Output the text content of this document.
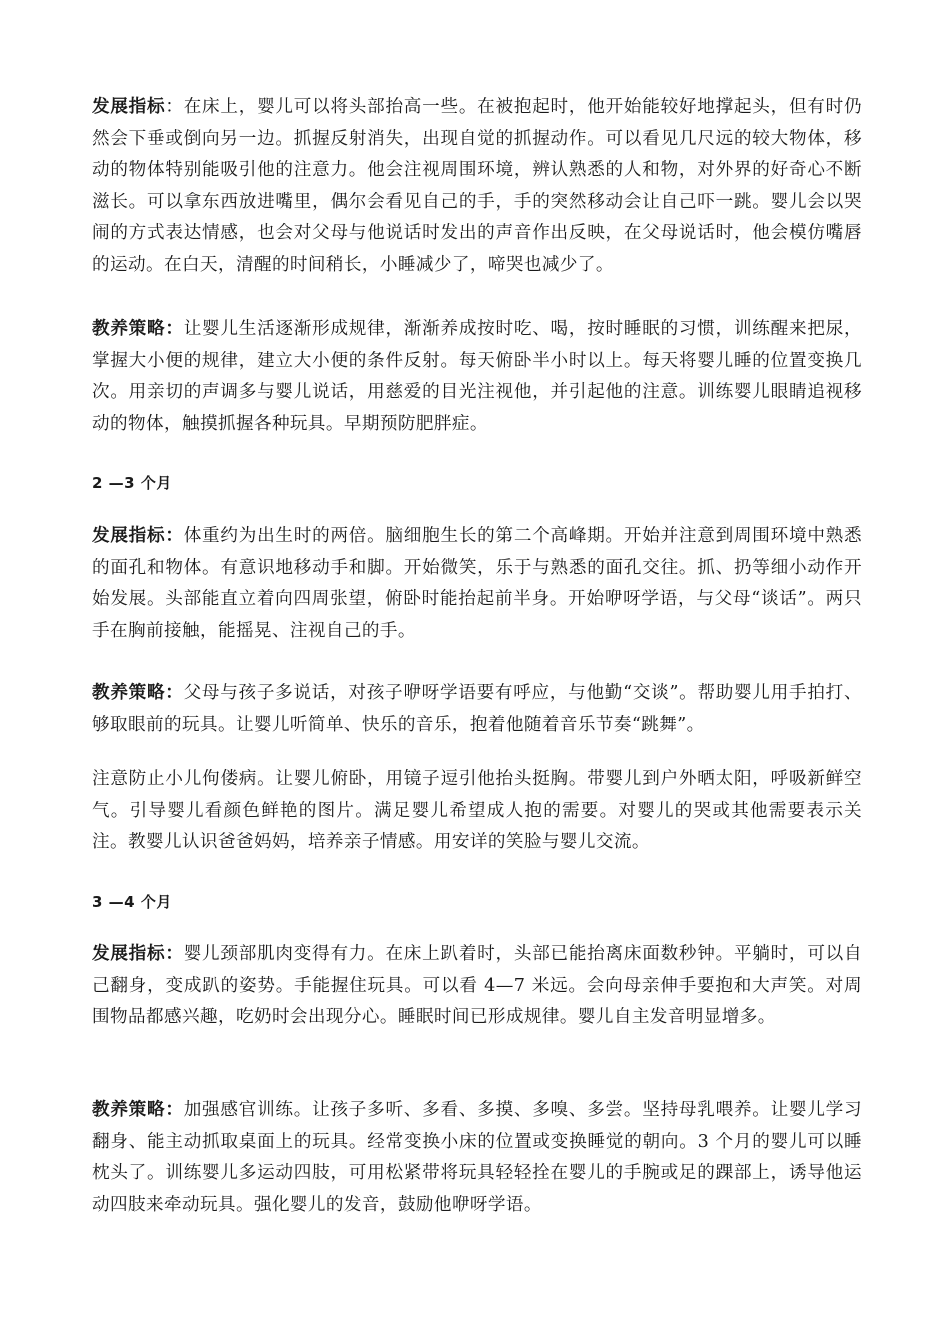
发展指标：在床上，婴儿可以将头部抬高一些。在被抱起时，他开始能较好地撑起头，但有时仍然会下垂或倒向另一边。抓握反射消失，出现自觉的抓握动作。可以看见几尺远的较大物体，移动的物体特别能吸引他的注意力。他会注视周围环境，辨认熟悉的人和物，对外界的好奇心不断滋长。可以拿东西放进嘴里，偶尔会看见自己的手，手的突然移动会让自己吓一跳。婴儿会以哭闹的方式表达情感，也会对父母与他说话时发出的声音作出反映，在父母说话时，他会模仿嘴唇的运动。在白天，清醒的时间稍长，小睡减少了，啼哭也减少了。

教养策略：让婴儿生活逐渐形成规律，渐渐养成按时吃、喝，按时睡眠的习惯，训练醒来把尿，掌握大小便的规律，建立大小便的条件反射。每天俯卧半小时以上。每天将婴儿睡的位置变换几次。用亲切的声调多与婴儿说话，用慈爱的目光注视他，并引起他的注意。训练婴儿眼睛追视移动的物体，触摸抓握各种玩具。早期预防肥胖症。

2 —3 个月

发展指标：体重约为出生时的两倍。脑细胞生长的第二个高峰期。开始并注意到周围环境中熟悉的面孔和物体。有意识地移动手和脚。开始微笑，乐于与熟悉的面孔交往。抓、扔等细小动作开始发展。头部能直立着向四周张望，俯卧时能抬起前半身。开始咿呀学语，与父母“谈话”。两只手在胸前接触，能摇晃、注视自己的手。

教养策略：父母与孩子多说话，对孩子咿呀学语要有呼应，与他勤“交谈”。帮助婴儿用手拍打、够取眼前的玩具。让婴儿听简单、快乐的音乐，抱着他随着音乐节奏“跳舞”。

注意防止小儿佝偻病。让婴儿俯卧，用镜子逗引他抬头挺胸。带婴儿到户外晒太阳，呼吸新鲜空气。引导婴儿看颜色鲜艳的图片。满足婴儿希望成人抱的需要。对婴儿的哭或其他需要表示关注。教婴儿认识爸爸妈妈，培养亲子情感。用安详的笑脸与婴儿交流。

3 —4 个月

发展指标：婴儿颈部肌肉变得有力。在床上趴着时，头部已能抬离床面数秒钟。平躺时，可以自己翻身，变成趴的姿势。手能握住玩具。可以看 4—7 米远。会向母亲伸手要抱和大声笑。对周围物品都感兴趣，吃奶时会出现分心。睡眠时间已形成规律。婴儿自主发音明显增多。

教养策略：加强感官训练。让孩子多听、多看、多摸、多嗅、多尝。坚持母乳喂养。让婴儿学习翻身、能主动抓取桌面上的玩具。经常变换小床的位置或变换睡觉的朝向。3 个月的婴儿可以睡枕头了。训练婴儿多运动四肢，可用松紧带将玩具轻轻拴在婴儿的手腕或足的踝部上，诱导他运动四肢来牵动玩具。强化婴儿的发音，鼓励他咿呀学语。
